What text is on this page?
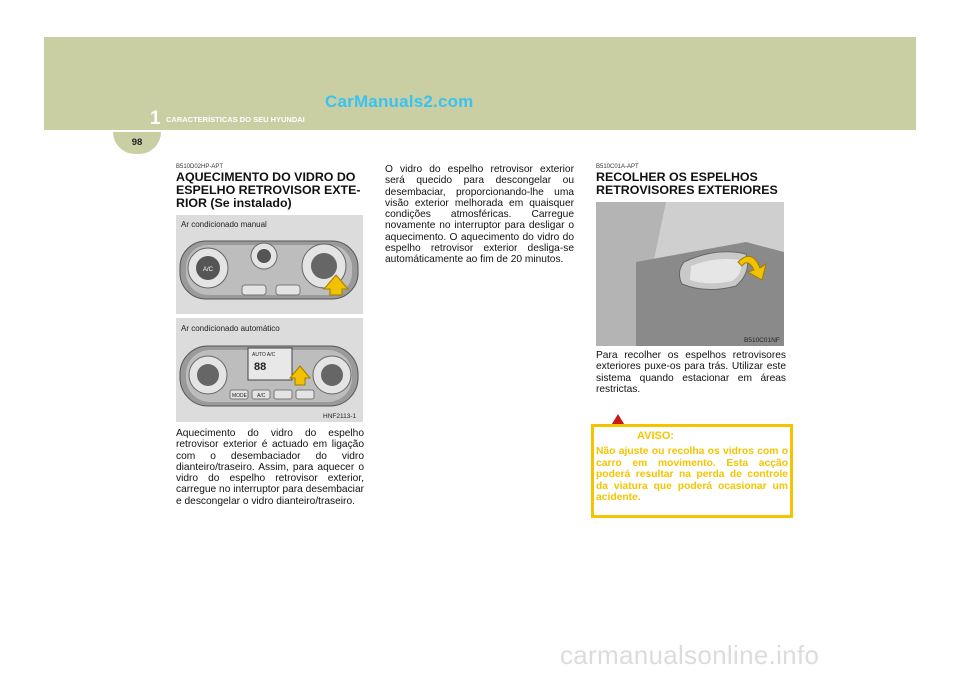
CarManuals2.com
1 CARACTERÍSTICAS DO SEU HYUNDAI
98
B510D02HP-APT
AQUECIMENTO DO VIDRO DO ESPELHO RETROVISOR EXTE-RIOR (Se instalado)
Ar condicionado manual
A/C
Ar condicionado automático
AUTO A/C
88
MODE A/C
HNF2113-1
Aquecimento do vidro do espelho retrovisor exterior é actuado em ligação com o desembaciador do vidro dianteiro/traseiro. Assim, para aquecer o vidro do espelho retrovisor exterior, carregue no interruptor para desembaciar e descongelar o vidro dianteiro/traseiro.
O vidro do espelho retrovisor exterior será quecido para descongelar ou desembaciar, proporcionando-lhe uma visão exterior melhorada em quaisquer condições atmosféricas. Carregue novamente no interruptor para desligar o aquecimento. O aquecimento do vidro do espelho retrovisor exterior desliga-se automáticamente ao fim de 20 minutos.
B510C01A-APT
RECOLHER OS ESPELHOS RETROVISORES EXTERIORES
B510C01NF
Para recolher os espelhos retrovisores exteriores puxe-os para trás. Utilizar este sistema quando estacionar em áreas restrictas.
AVISO:
Não ajuste ou recolha os vidros com o carro em movimento. Esta acção poderá resultar na perda de controle da viatura que poderá ocasionar um acidente.
carmanualsonline.info
